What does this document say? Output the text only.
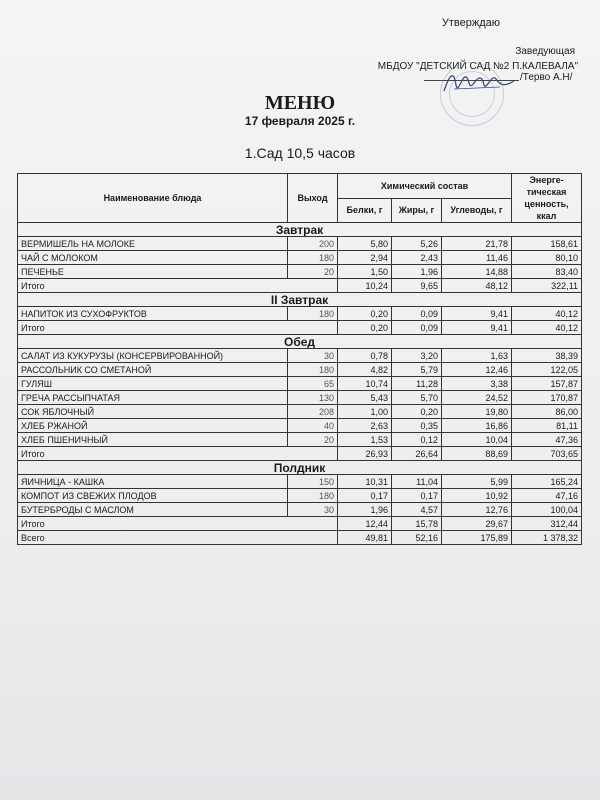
Утверждаю
Заведующая
МБДОУ "ДЕТСКИЙ САД №2 П.КАЛЕВАЛА"
/Терво А.Н/
МЕНЮ
17 февраля 2025 г.
1.Сад 10,5 часов
Наименование блюда	Выход	Химический состав			Энерге-тическая ценность, ккал
		Белки, г	Жиры, г	Углеводы, г	
Завтрак					
ВЕРМИШЕЛЬ НА МОЛОКЕ	200	5,80	5,26	21,78	158,61
ЧАЙ С МОЛОКОМ	180	2,94	2,43	11,46	80,10
ПЕЧЕНЬЕ	20	1,50	1,96	14,88	83,40
Итого		10,24	9,65	48,12	322,11
II Завтрак					
НАПИТОК ИЗ СУХОФРУКТОВ	180	0,20	0,09	9,41	40,12
Итого		0,20	0,09	9,41	40,12
Обед					
САЛАТ ИЗ КУКУРУЗЫ (КОНСЕРВИРОВАННОЙ)	30	0,78	3,20	1,63	38,39
РАССОЛЬНИК СО СМЕТАНОЙ	180	4,82	5,79	12,46	122,05
ГУЛЯШ	65	10,74	11,28	3,38	157,87
ГРЕЧА РАССЫПЧАТАЯ	130	5,43	5,70	24,52	170,87
СОК ЯБЛОЧНЫЙ	208	1,00	0,20	19,80	86,00
ХЛЕБ РЖАНОЙ	40	2,63	0,35	16,86	81,11
ХЛЕБ ПШЕНИЧНЫЙ	20	1,53	0,12	10,04	47,36
Итого		26,93	26,64	88,69	703,65
Полдник					
ЯИЧНИЦА - КАШКА	150	10,31	11,04	5,99	165,24
КОМПОТ ИЗ СВЕЖИХ ПЛОДОВ	180	0,17	0,17	10,92	47,16
БУТЕРБРОДЫ С МАСЛОМ	30	1,96	4,57	12,76	100,04
Итого		12,44	15,78	29,67	312,44
Всего		49,81	52,16	175,89	1 378,32
